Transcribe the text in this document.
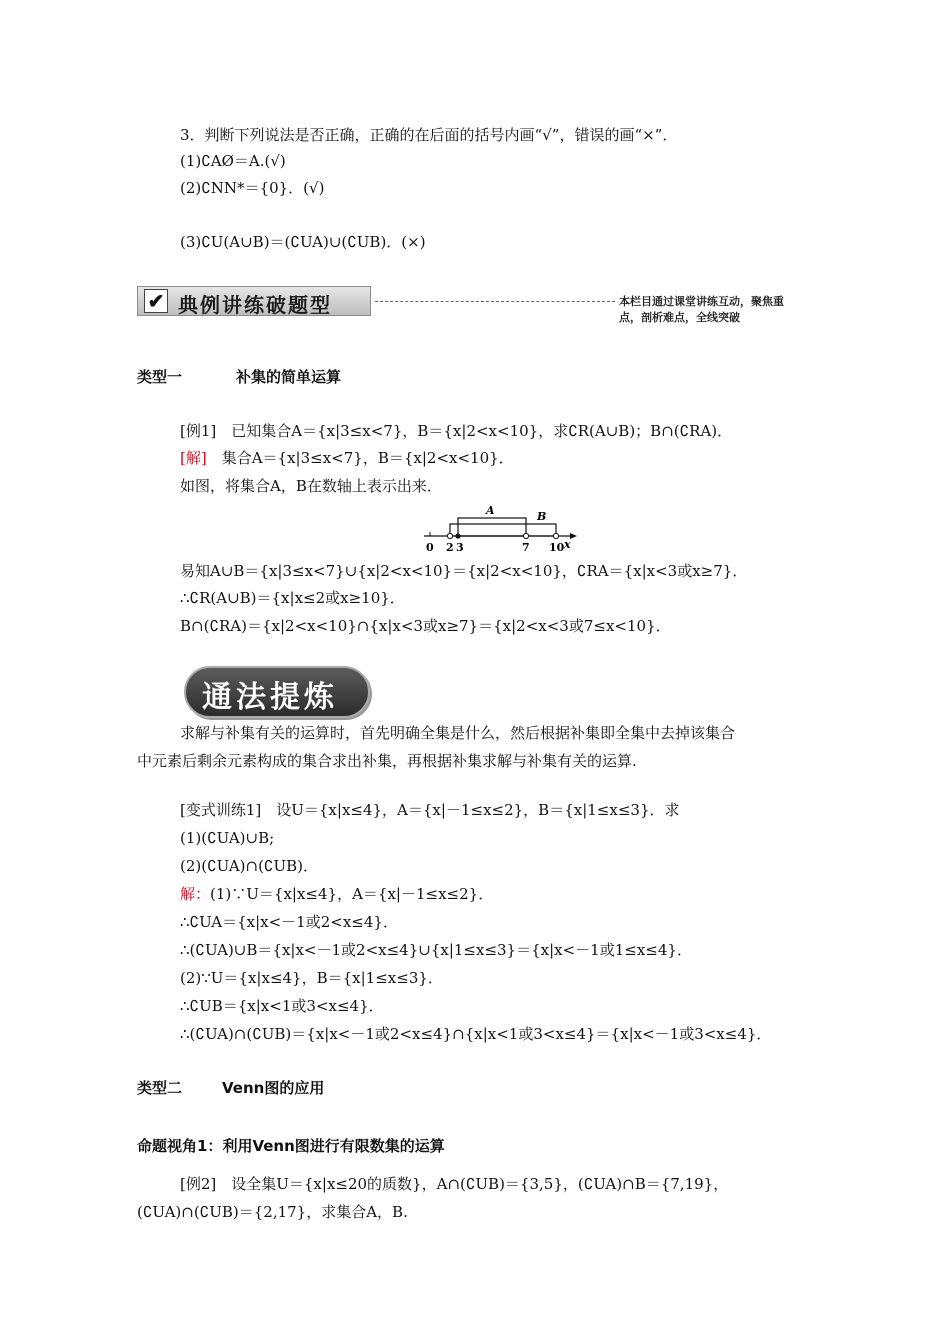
3．判断下列说法是否正确，正确的在后面的括号内画“√”，错误的画“×”．
(1)∁AØ＝A.(√)
(2)∁NN*＝{0}．(√)
(3)∁U(A∪B)＝(∁UA)∪(∁UB)．(×)
✔ 典例讲练破题型	本栏目通过课堂讲练互动，聚焦重点，剖析难点，全线突破
类型一	补集的简单运算
[例1]　已知集合A＝{x|3≤x<7}，B＝{x|2<x<10}，求∁R(A∪B)；B∩(∁RA)．
[解]　集合A＝{x|3≤x<7}，B＝{x|2<x<10}．
如图，将集合A，B在数轴上表示出来．
A	B
0 2 3	7 10 x
易知A∪B＝{x|3≤x<7}∪{x|2<x<10}＝{x|2<x<10}，∁RA＝{x|x<3或x≥7}．
∴∁R(A∪B)＝{x|x≤2或x≥10}．
B∩(∁RA)＝{x|2<x<10}∩{x|x<3或x≥7}＝{x|2<x<3或7≤x<10}．
通法提炼
求解与补集有关的运算时，首先明确全集是什么，然后根据补集即全集中去掉该集合
中元素后剩余元素构成的集合求出补集，再根据补集求解与补集有关的运算.
[变式训练1]　设U＝{x|x≤4}，A＝{x|－1≤x≤2}，B＝{x|1≤x≤3}．求
(1)(∁UA)∪B;
(2)(∁UA)∩(∁UB)．
解：(1)∵U＝{x|x≤4}，A＝{x|－1≤x≤2}．
∴∁UA＝{x|x<－1或2<x≤4}．
∴(∁UA)∪B＝{x|x<－1或2<x≤4}∪{x|1≤x≤3}＝{x|x<－1或1≤x≤4}．
(2)∵U＝{x|x≤4}，B＝{x|1≤x≤3}．
∴∁UB＝{x|x<1或3<x≤4}．
∴(∁UA)∩(∁UB)＝{x|x<－1或2<x≤4}∩{x|x<1或3<x≤4}＝{x|x<－1或3<x≤4}．
类型二	Venn图的应用
命题视角1：利用Venn图进行有限数集的运算
[例2]　设全集U＝{x|x≤20的质数}，A∩(∁UB)＝{3,5}，(∁UA)∩B＝{7,19}，
(∁UA)∩(∁UB)＝{2,17}，求集合A，B.
